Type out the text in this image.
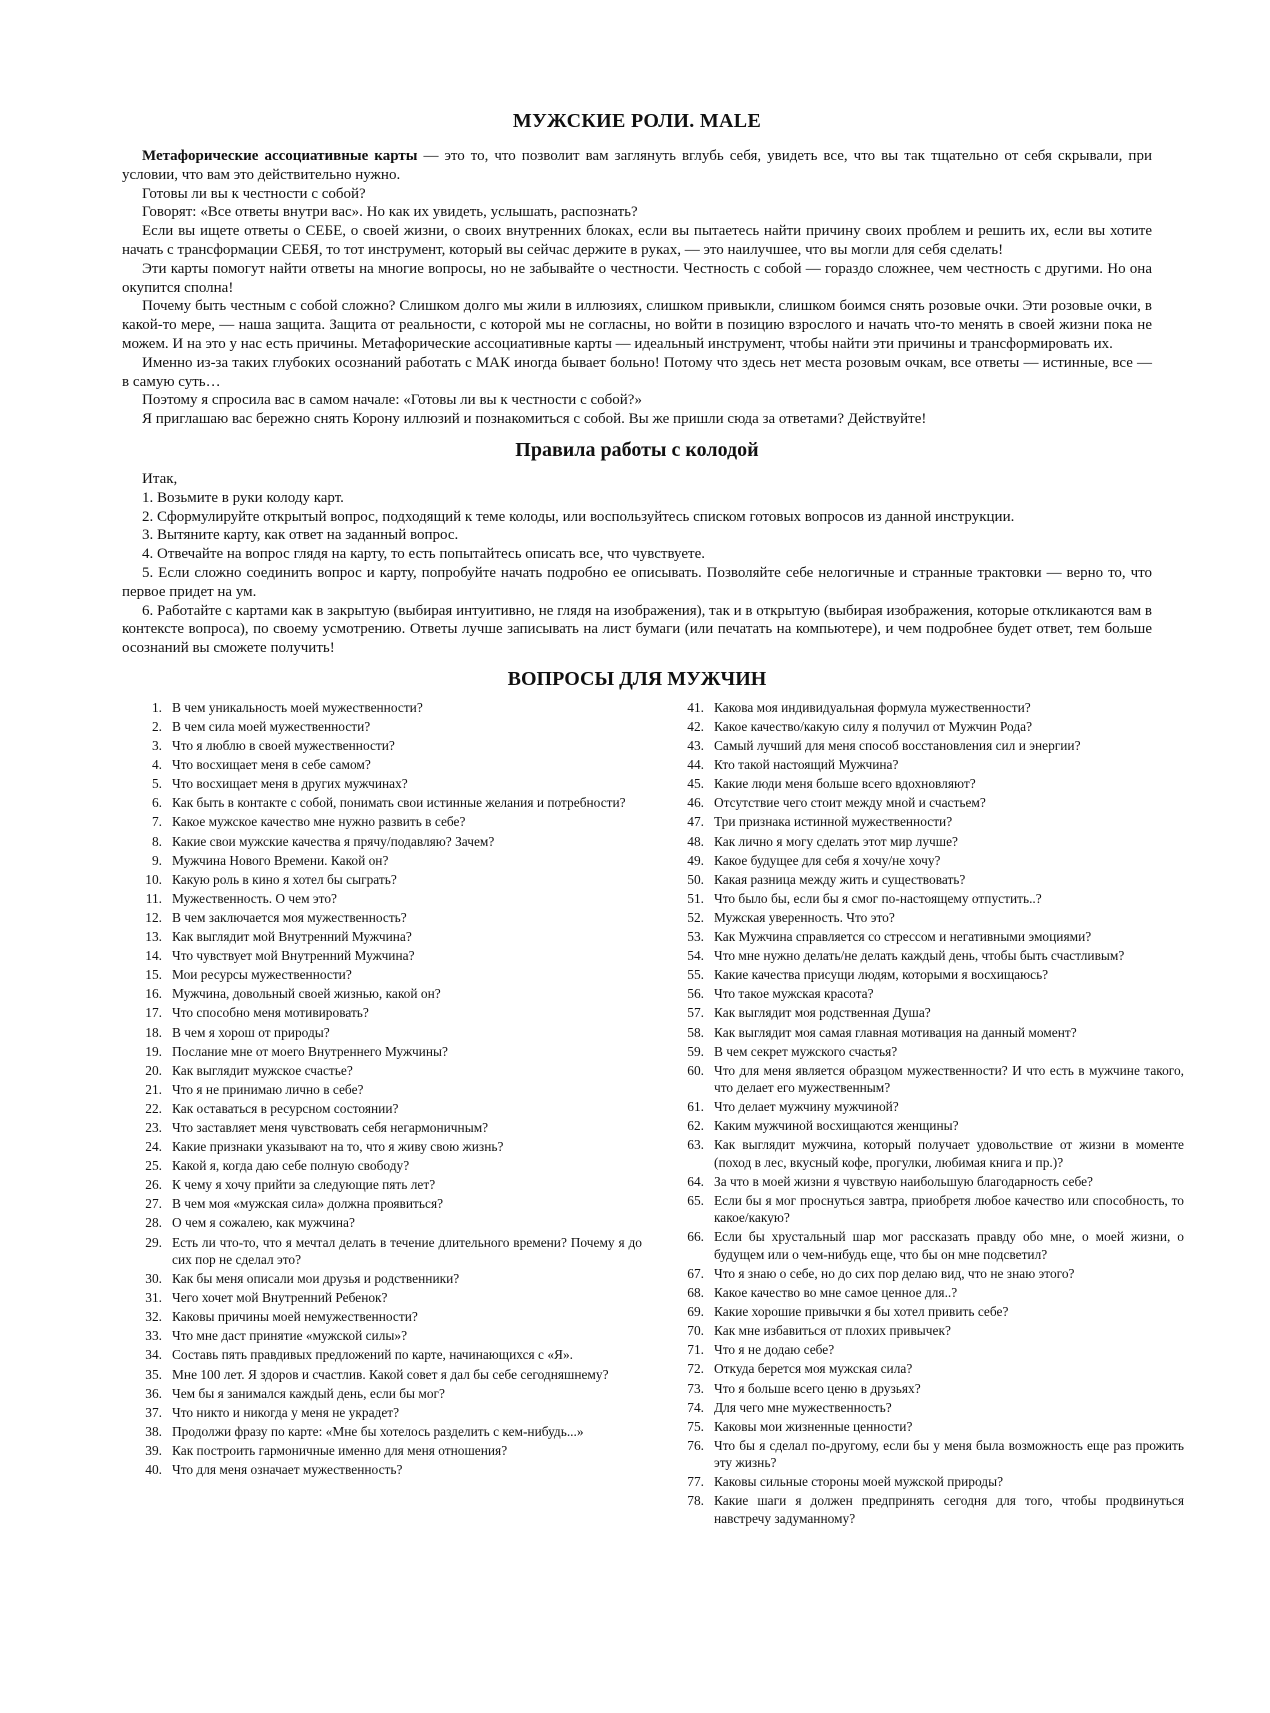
МУЖСКИЕ РОЛИ. MALE

Метафорические ассоциативные карты — это то, что позволит вам заглянуть вглубь себя, увидеть все, что вы так тщательно от себя скрывали, при условии, что вам это действительно нужно.

Готовы ли вы к честности с собой?

Говорят: «Все ответы внутри вас». Но как их увидеть, услышать, распознать?

Если вы ищете ответы о СЕБЕ, о своей жизни, о своих внутренних блоках, если вы пытаетесь найти причину своих проблем и решить их, если вы хотите начать с трансформации СЕБЯ, то тот инструмент, который вы сейчас держите в руках, — это наилучшее, что вы могли для себя сделать!

Эти карты помогут найти ответы на многие вопросы, но не забывайте о честности. Честность с собой — гораздо сложнее, чем честность с другими. Но она окупится сполна!

Почему быть честным с собой сложно? Слишком долго мы жили в иллюзиях, слишком привыкли, слишком боимся снять розовые очки. Эти розовые очки, в какой-то мере, — наша защита. Защита от реальности, с которой мы не согласны, но войти в позицию взрослого и начать что-то менять в своей жизни пока не можем. И на это у нас есть причины. Метафорические ассоциативные карты — идеальный инструмент, чтобы найти эти причины и трансформировать их.

Именно из-за таких глубоких осознаний работать с МАК иногда бывает больно! Потому что здесь нет места розовым очкам, все ответы — истинные, все — в самую суть…

Поэтому я спросила вас в самом начале: «Готовы ли вы к честности с собой?»

Я приглашаю вас бережно снять Корону иллюзий и познакомиться с собой. Вы же пришли сюда за ответами? Действуйте!

Правила работы с колодой

Итак,

1. Возьмите в руки колоду карт.

2. Сформулируйте открытый вопрос, подходящий к теме колоды, или воспользуйтесь списком готовых вопросов из данной инструкции.

3. Вытяните карту, как ответ на заданный вопрос.

4. Отвечайте на вопрос глядя на карту, то есть попытайтесь описать все, что чувствуете.

5. Если сложно соединить вопрос и карту, попробуйте начать подробно ее описывать. Позволяйте себе нелогичные и странные трактовки — верно то, что первое придет на ум.

6. Работайте с картами как в закрытую (выбирая интуитивно, не глядя на изображения), так и в открытую (выбирая изображения, которые откликаются вам в контексте вопроса), по своему усмотрению. Ответы лучше записывать на лист бумаги (или печатать на компьютере), и чем подробнее будет ответ, тем больше осознаний вы сможете получить!

ВОПРОСЫ ДЛЯ МУЖЧИН
1. В чем уникальность моей мужественности?
2. В чем сила моей мужественности?
3. Что я люблю в своей мужественности?
4. Что восхищает меня в себе самом?
5. Что восхищает меня в других мужчинах?
6. Как быть в контакте с собой, понимать свои истинные желания и потребности?
7. Какое мужское качество мне нужно развить в себе?
8. Какие свои мужские качества я прячу/подавляю? Зачем?
9. Мужчина Нового Времени. Какой он?
10. Какую роль в кино я хотел бы сыграть?
11. Мужественность. О чем это?
12. В чем заключается моя мужественность?
13. Как выглядит мой Внутренний Мужчина?
14. Что чувствует мой Внутренний Мужчина?
15. Мои ресурсы мужественности?
16. Мужчина, довольный своей жизнью, какой он?
17. Что способно меня мотивировать?
18. В чем я хорош от природы?
19. Послание мне от моего Внутреннего Мужчины?
20. Как выглядит мужское счастье?
21. Что я не принимаю лично в себе?
22. Как оставаться в ресурсном состоянии?
23. Что заставляет меня чувствовать себя негармоничным?
24. Какие признаки указывают на то, что я живу свою жизнь?
25. Какой я, когда даю себе полную свободу?
26. К чему я хочу прийти за следующие пять лет?
27. В чем моя «мужская сила» должна проявиться?
28. О чем я сожалею, как мужчина?
29. Есть ли что-то, что я мечтал делать в течение длительного времени? Почему я до сих пор не сделал это?
30. Как бы меня описали мои друзья и родственники?
31. Чего хочет мой Внутренний Ребенок?
32. Каковы причины моей немужественности?
33. Что мне даст принятие «мужской силы»?
34. Составь пять правдивых предложений по карте, начинающихся с «Я».
35. Мне 100 лет. Я здоров и счастлив. Какой совет я дал бы себе сегодняшнему?
36. Чем бы я занимался каждый день, если бы мог?
37. Что никто и никогда у меня не украдет?
38. Продолжи фразу по карте: «Мне бы хотелось разделить с кем-нибудь...»
39. Как построить гармоничные именно для меня отношения?
40. Что для меня означает мужественность?
41. Какова моя индивидуальная формула мужественности?
42. Какое качество/какую силу я получил от Мужчин Рода?
43. Самый лучший для меня способ восстановления сил и энергии?
44. Кто такой настоящий Мужчина?
45. Какие люди меня больше всего вдохновляют?
46. Отсутствие чего стоит между мной и счастьем?
47. Три признака истинной мужественности?
48. Как лично я могу сделать этот мир лучше?
49. Какое будущее для себя я хочу/не хочу?
50. Какая разница между жить и существовать?
51. Что было бы, если бы я смог по-настоящему отпустить..?
52. Мужская уверенность. Что это?
53. Как Мужчина справляется со стрессом и негативными эмоциями?
54. Что мне нужно делать/не делать каждый день, чтобы быть счастливым?
55. Какие качества присущи людям, которыми я восхищаюсь?
56. Что такое мужская красота?
57. Как выглядит моя родственная Душа?
58. Как выглядит моя самая главная мотивация на данный момент?
59. В чем секрет мужского счастья?
60. Что для меня является образцом мужественности? И что есть в мужчине такого, что делает его мужественным?
61. Что делает мужчину мужчиной?
62. Каким мужчиной восхищаются женщины?
63. Как выглядит мужчина, который получает удовольствие от жизни в моменте (поход в лес, вкусный кофе, прогулки, любимая книга и пр.)?
64. За что в моей жизни я чувствую наибольшую благодарность себе?
65. Если бы я мог проснуться завтра, приобретя любое качество или способность, то какое/какую?
66. Если бы хрустальный шар мог рассказать правду обо мне, о моей жизни, о будущем или о чем-нибудь еще, что бы он мне подсветил?
67. Что я знаю о себе, но до сих пор делаю вид, что не знаю этого?
68. Какое качество во мне самое ценное для..?
69. Какие хорошие привычки я бы хотел привить себе?
70. Как мне избавиться от плохих привычек?
71. Что я не додаю себе?
72. Откуда берется моя мужская сила?
73. Что я больше всего ценю в друзьях?
74. Для чего мне мужественность?
75. Каковы мои жизненные ценности?
76. Что бы я сделал по-другому, если бы у меня была возможность еще раз прожить эту жизнь?
77. Каковы сильные стороны моей мужской природы?
78. Какие шаги я должен предпринять сегодня для того, чтобы продвинуться навстречу задуманному?
